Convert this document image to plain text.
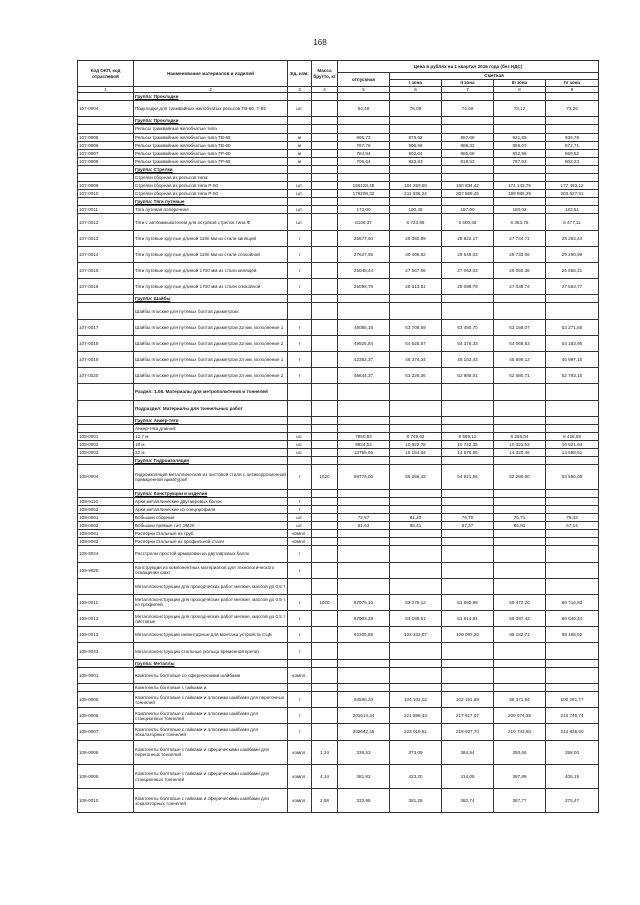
168
Код ОКП, код отраслевой	Наименование материалов и изделий	Ед. изм.	Масса брутто, кг	Цена в рублях на 1 квартал 2016 года (без НДС)				
				отпускная	Сметная			
					I зона	II зона	III зона	IV зона
1	2	3	4	5	6	7	8	9
	Группа: Прокладки							
107-0004	Подкладки для трамвайных желобчатых рельсов ТВ-60, Т-65	шт.		64,46	76,08	74,69	73,12	73,26
	Группа: Прокладки							
	Рельсы трамвайные желобчатые типа							
107-0005	Рельсы трамвайные желобчатые типа ТВ-65	м		696,73	875,62	957,68	921,85	936,78
107-0006	Рельсы трамвайные желобчатые типа ТВ-60	м		767,76	906,98	889,32	856,07	872,71
107-0007	Рельсы трамвайные желобчатые типа ТР-60	м		784,94	902,64	886,68	852,96	869,52
107-0008	Рельсы трамвайные желобчатые типа ТР-65	м		706,64	833,83	818,53	787,93	803,23
	Группа: Стрелки							
	Стрелки сборная из рельсов типа:							
107-0009	Стрелки сборная из рельсов типа Р-50	шт.		156128,48	184 259,80	180 834,42	174 143,76	177 493,12
107-0010	Стрелки сборная из рельсов типа Р-50	шт.		179208,32	211 586,24	207 568,45	199 886,29	203 627,91
	Группа: Тяги путевые							
107-0011	Тяга путевая поперечная	шт.		173,00	190,48	187,00	180,02	183,51
107-0012	Тяги с автозамыкателем для остряков стрелок типа Ф	шт.		6106,37	6 723,88	6 600,46	6 353,75	6 477,11
107-0013	Тяги путевые круглые длиной 1180 мм из стали кипящей	т		26677,60	29 360,69	28 822,17	27 744,71	28 283,44
107-0014	Тяги путевые круглые длиной 1180 мм из стали спокойной	т		27627,95	30 406,82	29 849,03	28 733,06	29 290,99
107-0015	Тяги путевые круглые длиной 1700 мм из стали кипящей	т		25048,44	27 567,66	27 062,03	26 050,36	26 556,21
107-0016	Тяги путевые круглые длиной 1700 мм из стали спокойной	т		26098,76	28 613,81	28 088,78	27 038,74	27 563,77
	Группа: Шайбы							
	Шайбы плоские для путевых болтов диаметром:							
107-0017	Шайбы плоские для путевых болтов диаметром 22 мм, исполнение 1	т		49085,16	53 708,59	53 480,70	53 158,07	53 271,56
107-0018	Шайбы плоские для путевых болтов диаметром 22 мм, исполнение 2	т		49925,84	54 625,57	54 376,33	54 068,53	54 183,95
107-0019	Шайбы плоские для путевых болтов диаметром 24 мм, исполнение 1	т		42362,37	46 374,34	46 163,43	45 899,12	45 997,10
107-0020	Шайбы плоские для путевых болтов диаметром 24 мм, исполнение 2	т		48644,37	53 226,36	52 985,01	52 680,71	52 793,10
	Раздел: 1.08. Материалы для метрополитенов и тоннелей							
	Подраздел: Материалы для тоннельных работ							
	Группа: Анкер-тяги							
	Анкер-тяга длиной:							
108-0001	12,7 м	шт.		7950,63	8 749,62	8 589,12	8 268,04	8 428,59
108-0002	18 м	шт.		9924,53	10 922,78	10 722,35	10 321,53	10 521,94
108-0003	22 м	шт.		13769,65	15 154,64	14 876,55	14 320,46	14 598,51
	Группа: Гидроизоляция							
108-0004	Гидроизоляция металлическая из листовой стали с антикоррозионной приваренной арматурой	т	1020	59776,00	66 266,42	64 921,56	62 286,60	63 590,06
	Группа: Конструкции и изделия							
108-9110	Арки металлические двутавровых балок	т						
108-9052	Арки металлические из спецпрофиля	т						
108-0061	Бобышки сборные	шт.		72,57	81,20	79,70	76,71	78,43
108-0062	Бобышки прямые тип ЭМ20	шт.		61,63	68,41	67,37	66,91	67,14
108-9081	Распорки стальные из труб	компл.						
108-9082	Распорки стальные из профильной стали	компл.						
108-9024	Расстрелы простой армировки из двутавровых балок	т						
108-9025	Конструкции из компонентных материалов для технологического оснащения шахт	т						
	Металлоконструкции для проходческих работ мелкие, массой до 0,5 т							
108-0011	Металлоконструкции для проходческих работ мелкие, массой до 0,5 т из профилей	т	1020	57075,10	63 275,12	61 892,68	59 472,20	60 716,83
108-0012	Металлоконструкции для проходческих работ мелкие, массой до 0,5 т листовые	т		57003,29	63 195,51	61 814,81	59 397,43	60 640,44
108-0013	Металлоконструкции инвентарные для монтажа устройств СЦБ	т		92305,86	102 332,07	100 097,20	96 182,71	98 195,52
108-9043	Металлоконструкции стальные (кольца временной крепи)	т						
	Группа: Металлы							
108-9001	Комплекты болтовые со сферическими шайбами	компл.						
	Комплекты болтовые с гайками и:							
108-0005	Комплекты болтовые с гайками и плоскими шайбами для перегонных тоннелей	т		94590,20	104 102,02	102 191,89	98 371,64	100 281,77
108-0006	Комплекты болтовые с гайками и плоскими шайбами для станционных тоннелей	т		201614,44	221 888,43	217 817,07	209 674,39	213 745,74
108-0007	Комплекты болтовые с гайками и плоскими шайбами для эскалаторных тоннелей	т		202642,45	223 019,81	218 927,70	210 743,50	214 835,60
108-0008	Комплекты болтовые с гайками и сферическими шайбами для перегонных тоннелей	компл.	1,34	336,53	373,09	364,94	350,66	358,00
108-0009	Комплекты болтовые с гайками и сферическими шайбами для станционных тоннелей	компл.	4,14	381,82	423,30	414,05	397,86	406,19
108-0010	Комплекты болтовые с гайками и сферическими шайбами для эскалаторных тоннелей	компл.	2,58	332,95	381,29	382,74	367,77	375,47
